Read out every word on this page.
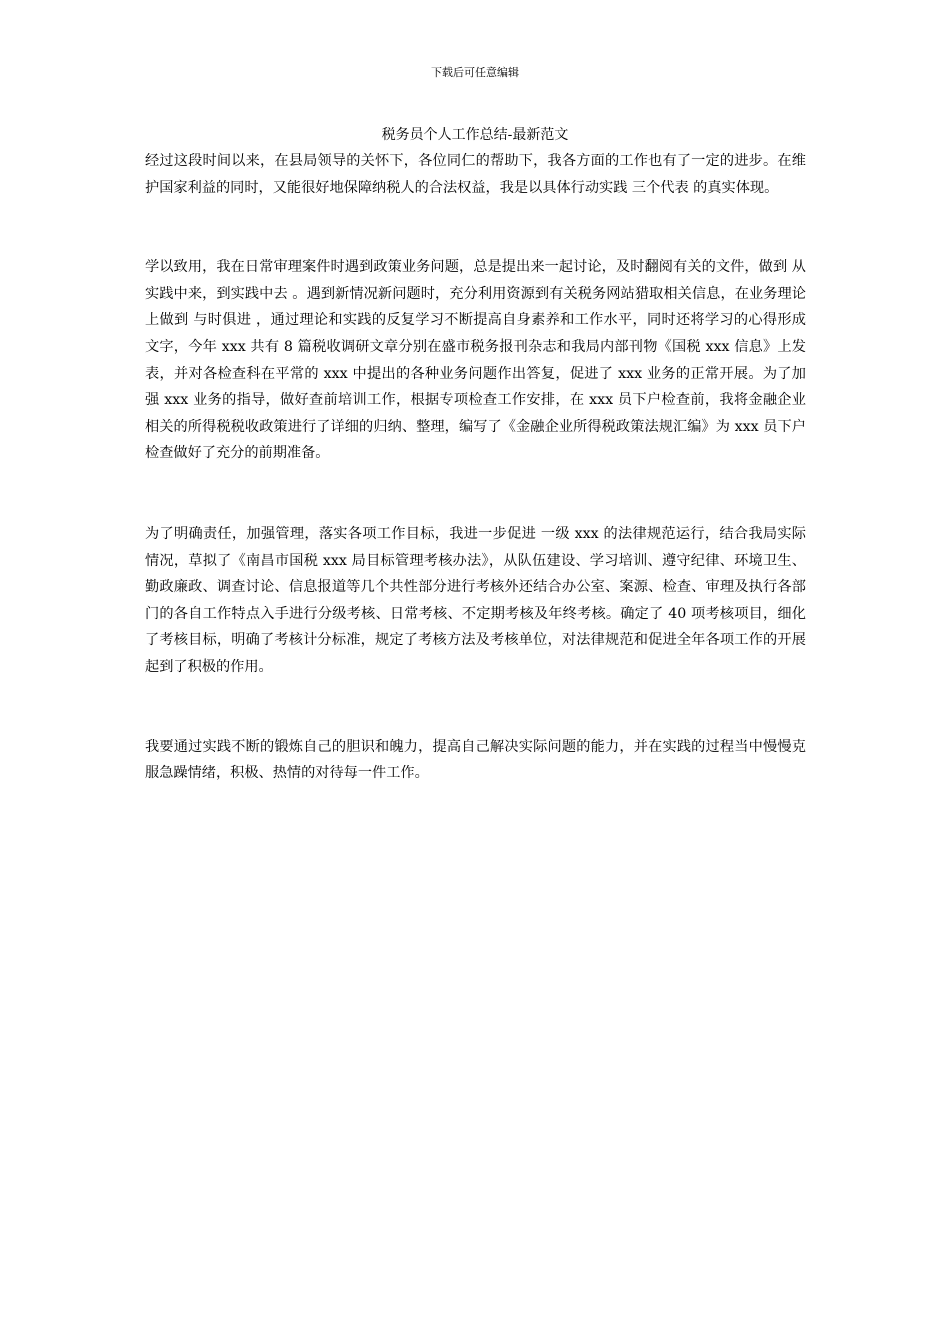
下载后可任意编辑
税务员个人工作总结-最新范文

经过这段时间以来，在县局领导的关怀下，各位同仁的帮助下，我各方面的工作也有了一定的进步。在维护国家利益的同时，又能很好地保障纳税人的合法权益，我是以具体行动实践 三个代表 的真实体现。

学以致用，我在日常审理案件时遇到政策业务问题，总是提出来一起讨论，及时翻阅有关的文件，做到 从实践中来，到实践中去 。遇到新情况新问题时，充分利用资源到有关税务网站猎取相关信息，在业务理论上做到 与时俱进 ，通过理论和实践的反复学习不断提高自身素养和工作水平，同时还将学习的心得形成文字，今年 xxx 共有 8 篇税收调研文章分别在盛市税务报刊杂志和我局内部刊物《国税 xxx 信息》上发表，并对各检查科在平常的 xxx 中提出的各种业务问题作出答复，促进了 xxx 业务的正常开展。为了加强 xxx 业务的指导，做好查前培训工作，根据专项检查工作安排，在 xxx 员下户检查前，我将金融企业相关的所得税税收政策进行了详细的归纳、整理，编写了《金融企业所得税政策法规汇编》为 xxx 员下户检查做好了充分的前期准备。

为了明确责任，加强管理，落实各项工作目标，我进一步促进 一级 xxx 的法律规范运行，结合我局实际情况，草拟了《南昌市国税 xxx 局目标管理考核办法》，从队伍建设、学习培训、遵守纪律、环境卫生、勤政廉政、调查讨论、信息报道等几个共性部分进行考核外还结合办公室、案源、检查、审理及执行各部门的各自工作特点入手进行分级考核、日常考核、不定期考核及年终考核。确定了 40 项考核项目，细化了考核目标，明确了考核计分标准，规定了考核方法及考核单位，对法律规范和促进全年各项工作的开展起到了积极的作用。

我要通过实践不断的锻炼自己的胆识和魄力，提高自己解决实际问题的能力，并在实践的过程当中慢慢克服急躁情绪，积极、热情的对待每一件工作。
